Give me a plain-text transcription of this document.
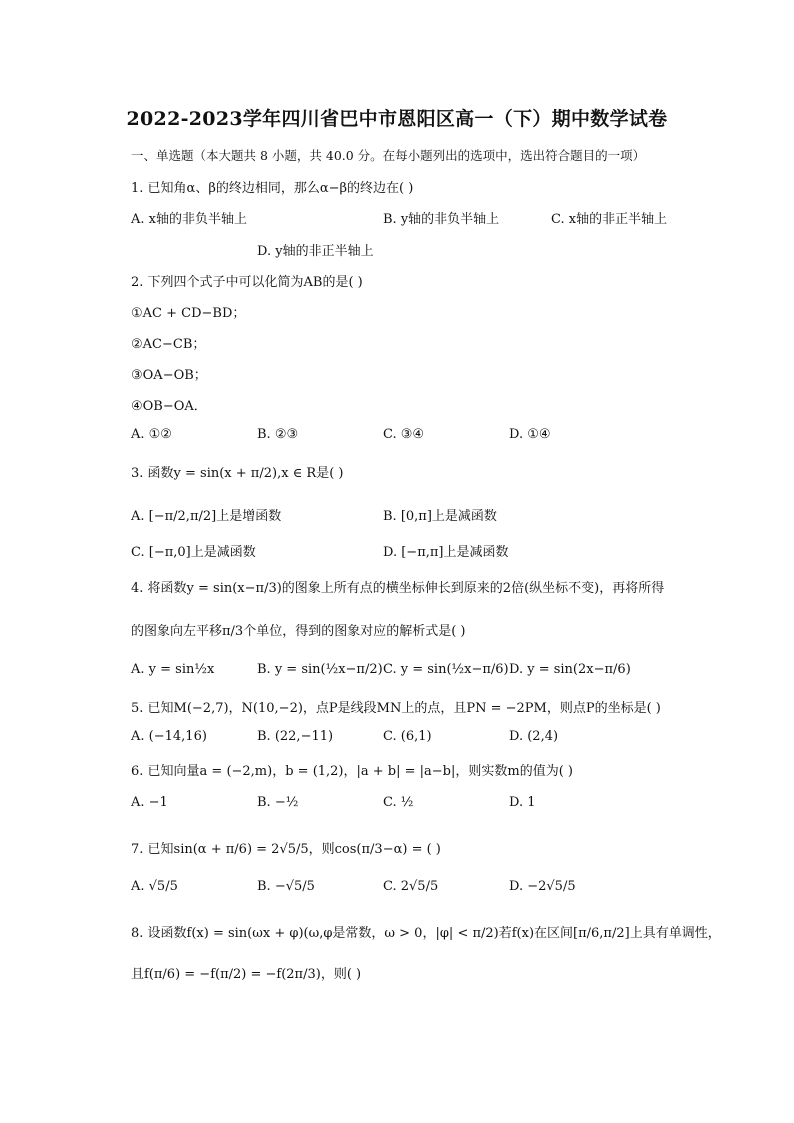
2022-2023学年四川省巴中市恩阳区高一（下）期中数学试卷
一、单选题（本大题共 8 小题，共 40.0 分。在每小题列出的选项中，选出符合题目的一项）
1. 已知角α、β的终边相同，那么α−β的终边在( )
A. x轴的非负半轴上	B. y轴的非负半轴上	C. x轴的非正半轴上
D. y轴的非正半轴上
2. 下列四个式子中可以化简为AB的是( )
①AC + CD−BD；
②AC−CB；
③OA−OB；
④OB−OA．
A. ①②	B. ②③	C. ③④	D. ①④
3. 函数y = sin(x + π/2),x ∈ R是( )
A. [−π/2,π/2]上是增函数	B. [0,π]上是减函数
C. [−π,0]上是减函数	D. [−π,π]上是减函数
4. 将函数y = sin(x−π/3)的图象上所有点的横坐标伸长到原来的2倍(纵坐标不变)，再将所得
的图象向左平移π/3个单位，得到的图象对应的解析式是( )
A. y = sin½x	B. y = sin(½x−π/2) C. y = sin(½x−π/6) D. y = sin(2x−π/6)
5. 已知M(−2,7)，N(10,−2)，点P是线段MN上的点，且PN = −2PM，则点P的坐标是( )
A. (−14,16)	B. (22,−11)	C. (6,1)	D. (2,4)
6. 已知向量a = (−2,m)，b = (1,2)，|a + b| = |a−b|，则实数m的值为( )
A. −1	B. −½	C. ½	D. 1
7. 已知sin(α + π/6) = 2√5/5，则cos(π/3−α) = ( )
A. √5/5	B. −√5/5	C. 2√5/5	D. −2√5/5
8. 设函数f(x) = sin(ωx + φ)(ω,φ是常数，ω > 0，|φ| < π/2)若f(x)在区间[π/6,π/2]上具有单调性，
且f(π/6) = −f(π/2) = −f(2π/3)，则( )
